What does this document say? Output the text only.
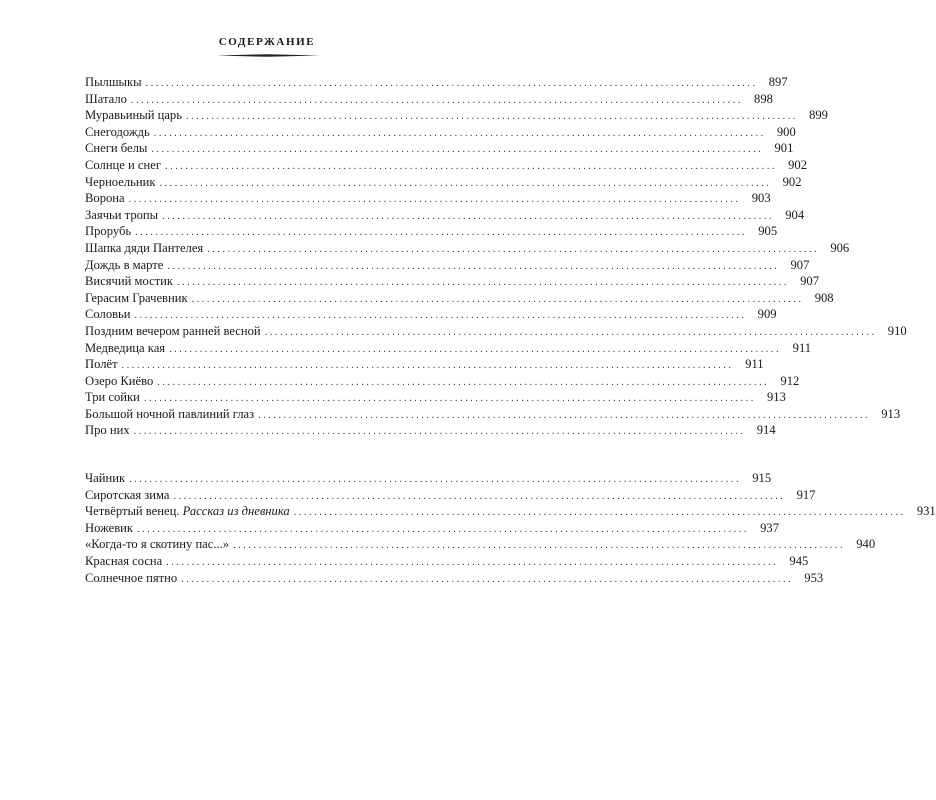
СОДЕРЖАНИЕ
Пылшыкы ........................................................................................................................ 897
Шатало ........................................................................................................................ 898
Муравьиный царь ........................................................................................................................ 899
Снегодождь ........................................................................................................................ 900
Снеги белы ........................................................................................................................ 901
Солнце и снег ........................................................................................................................ 902
Черноельник ........................................................................................................................ 902
Ворона ........................................................................................................................ 903
Заячьи тропы ........................................................................................................................ 904
Прорубь ........................................................................................................................ 905
Шапка дяди Пантелея ........................................................................................................................ 906
Дождь в марте ........................................................................................................................ 907
Висячий мостик ........................................................................................................................ 907
Герасим Грачевник ........................................................................................................................ 908
Соловьи ........................................................................................................................ 909
Поздним вечером ранней весной ........................................................................................................................ 910
Медведица кая ........................................................................................................................ 911
Полёт ........................................................................................................................ 911
Озеро Киёво ........................................................................................................................ 912
Три сойки ........................................................................................................................ 913
Большой ночной павлиний глаз ........................................................................................................................ 913
Про них ........................................................................................................................ 914
Чайник ........................................................................................................................ 915
Сиротская зима ........................................................................................................................ 917
Четвёртый венец. Рассказ из дневника ........................................................................................................................ 931
Ножевик ........................................................................................................................ 937
«Когда-то я скотину пас...» ........................................................................................................................ 940
Красная сосна ........................................................................................................................ 945
Солнечное пятно ........................................................................................................................ 953
